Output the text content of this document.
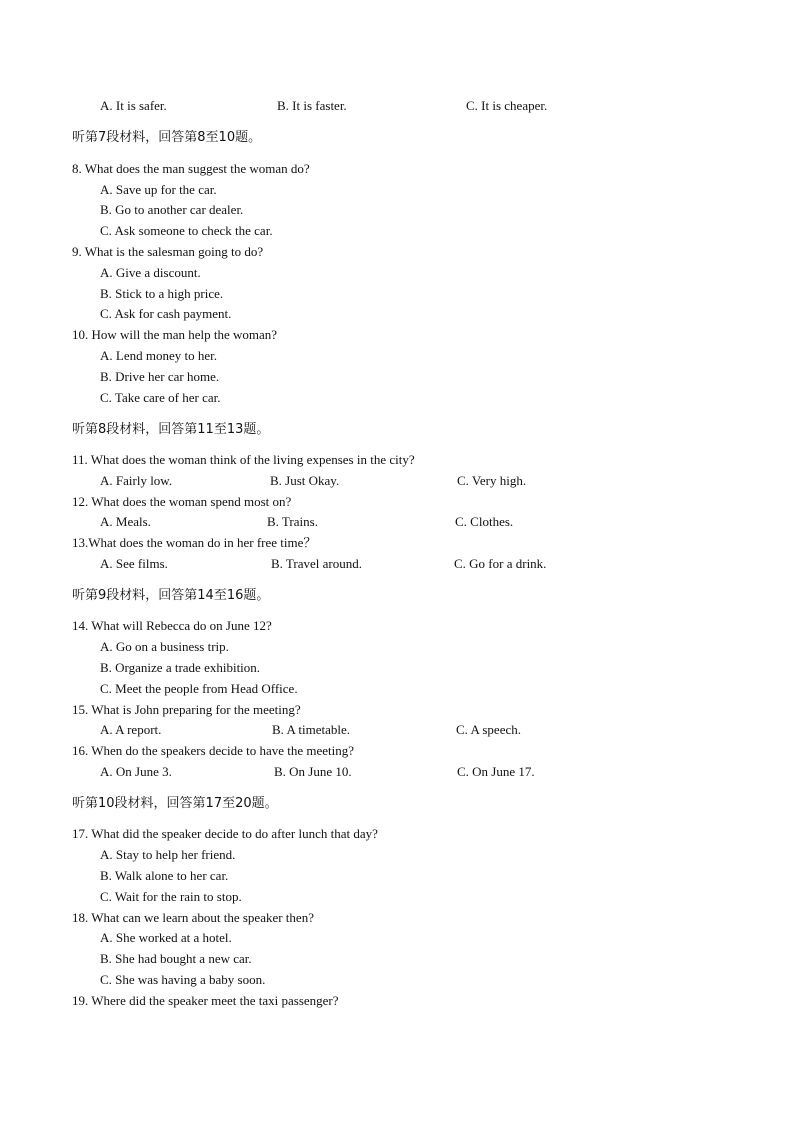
A. It is safer.	B. It is faster.	C. It is cheaper.
听第7段材料，回答第8至10题。
8. What does the man suggest the woman do?
A. Save up for the car.
B. Go to another car dealer.
C. Ask someone to check the car.
9. What is the salesman going to do?
A. Give a discount.
B. Stick to a high price.
C. Ask for cash payment.
10. How will the man help the woman?
A. Lend money to her.
B. Drive her car home.
C. Take care of her car.
听第8段材料，回答第11至13题。
11. What does the woman think of the living expenses in the city?
A. Fairly low.	B. Just Okay.	C. Very high.
12. What does the woman spend most on?
A. Meals.	B. Trains.	C. Clothes.
13.What does the woman do in her free time？
A. See films.	B. Travel around.	C. Go for a drink.
听第9段材料，回答第14至16题。
14. What will Rebecca do on June 12?
A. Go on a business trip.
B. Organize a trade exhibition.
C. Meet the people from Head Office.
15. What is John preparing for the meeting?
A. A report.	B. A timetable.	C. A speech.
16. When do the speakers decide to have the meeting?
A. On June 3.	B. On June 10.	C. On June 17.
听第10段材料，回答第17至20题。
17. What did the speaker decide to do after lunch that day?
A. Stay to help her friend.
B. Walk alone to her car.
C. Wait for the rain to stop.
18. What can we learn about the speaker then?
A. She worked at a hotel.
B. She had bought a new car.
C. She was having a baby soon.
19. Where did the speaker meet the taxi passenger?
